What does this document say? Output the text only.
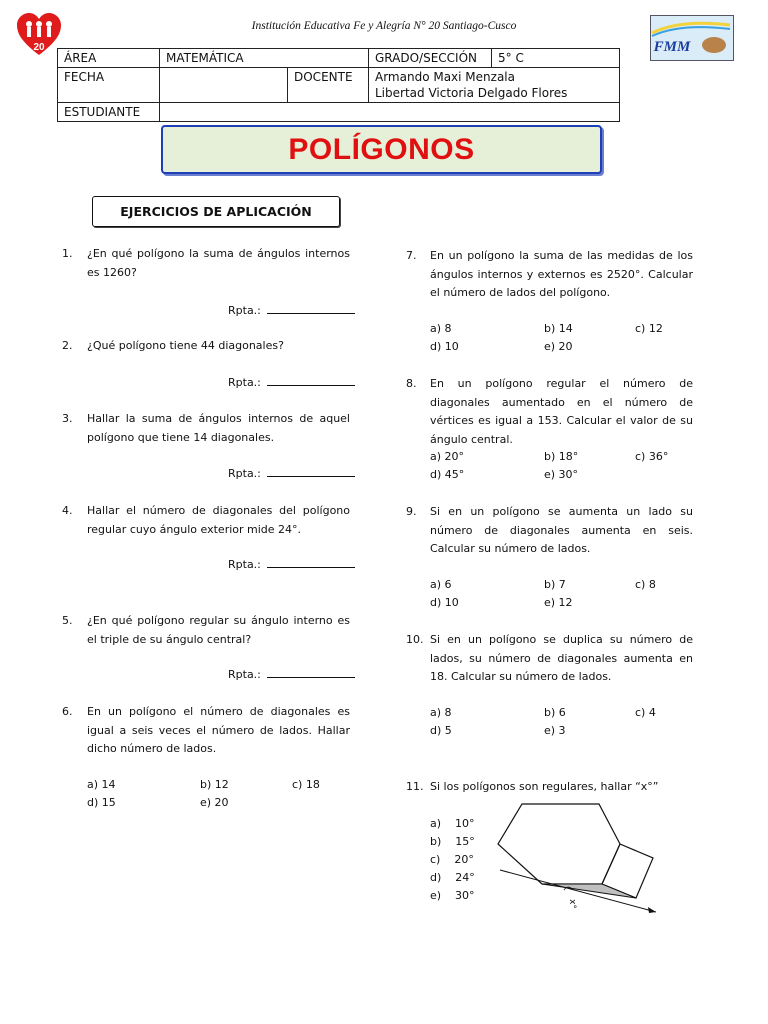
20
Institución Educativa Fe y Alegría N° 20 Santiago-Cusco
FMM
ÁREA	MATEMÁTICA		GRADO/SECCIÓN	5° C
FECHA		DOCENTE	Armando Maxi Menzala
Libertad Victoria Delgado Flores	

ESTUDIANTE				
POLÍGONOS
EJERCICIOS DE APLICACIÓN
1. ¿En qué polígono la suma de ángulos internos es 1260?
Rpta.:
2. ¿Qué polígono tiene 44 diagonales?
Rpta.:
3. Hallar la suma de ángulos internos de aquel polígono que tiene 14 diagonales.
Rpta.:
4. Hallar el número de diagonales del polígono regular cuyo ángulo exterior mide 24°.
Rpta.:
5. ¿En qué polígono regular su ángulo interno es el triple de su ángulo central?
Rpta.:
6. En un polígono el número de diagonales es igual a seis veces el número de lados. Hallar dicho número de lados.
a) 14	b) 12	c) 18
d) 15	e) 20
7. En un polígono la suma de las medidas de los ángulos internos y externos es 2520°. Calcular el número de lados del polígono.
a) 8	b) 14	c) 12
d) 10	e) 20
8. En un polígono regular el número de diagonales aumentado en el número de vértices es igual a 153. Calcular el valor de su ángulo central.
a) 20°	b) 18°	c) 36°
d) 45°	e) 30°
9. Si en un polígono se aumenta un lado su número de diagonales aumenta en seis. Calcular su número de lados.
a) 6	b) 7	c) 8
d) 10	e) 12
10. Si en un polígono se duplica su número de lados, su número de diagonales aumenta en 18. Calcular su número de lados.
a) 8	b) 6	c) 4
d) 5	e) 3
11. Si los polígonos son regulares, hallar “x°”
a)    10°
b)    15°
c)    20°
d)    24°
e)    30°
x°
